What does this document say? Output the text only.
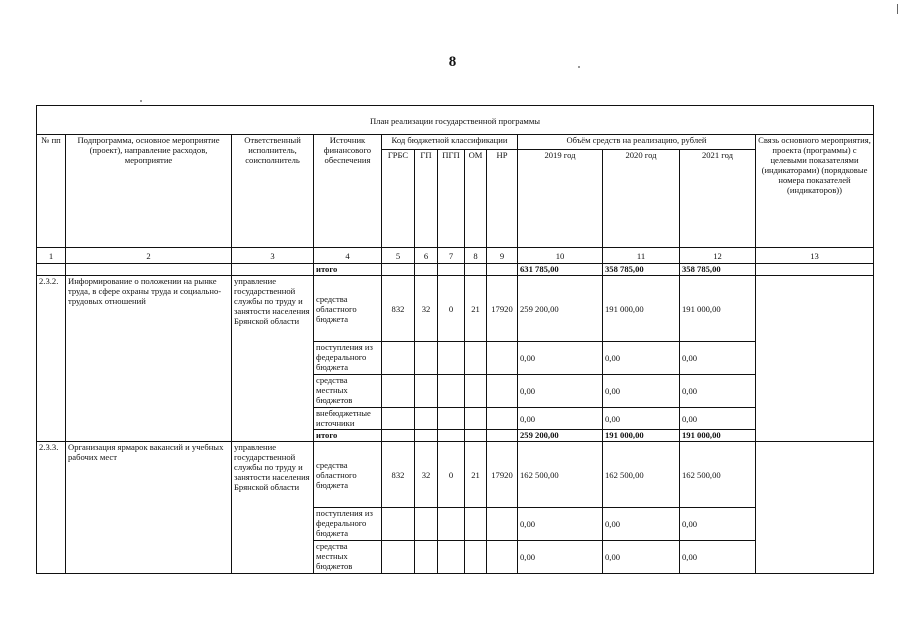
8
План реализации государственной программы												
№ пп	Подпрограмма, основное мероприятие (проект), направление расходов, мероприятие	Ответственный исполнитель, соисполнитель	Источник финансового обеспечения	Код бюджетной классификации					Объём средств на реализацию, рублей			Связь основного мероприятия, проекта (программы) с целевыми показателями (индикаторами) (порядковые номера показателей (индикаторов))
				ГРБС	ГП	ПГП	ОМ	НР	2019 год	2020 год	2021 год	
1	2	3	4	5	6	7	8	9	10	11	12	13
			итого						631 785,00	358 785,00	358 785,00	
2.3.2.	Информирование о положении на рынке труда, в сфере охраны труда и социально-трудовых отношений	управление государственной службы по труду и занятости населения Брянской области	средства областного бюджета	832	32	0	21	17920	259 200,00	191 000,00	191 000,00	
			поступления из федерального бюджета						0,00	0,00	0,00	
			средства местных бюджетов						0,00	0,00	0,00	
			внебюджетные источники						0,00	0,00	0,00	
			итого						259 200,00	191 000,00	191 000,00	
2.3.3.	Организация ярмарок вакансий и учебных рабочих мест	управление государственной службы по труду и занятости населения Брянской области	средства областного бюджета	832	32	0	21	17920	162 500,00	162 500,00	162 500,00	
			поступления из федерального бюджета						0,00	0,00	0,00	
			средства местных бюджетов						0,00	0,00	0,00	
